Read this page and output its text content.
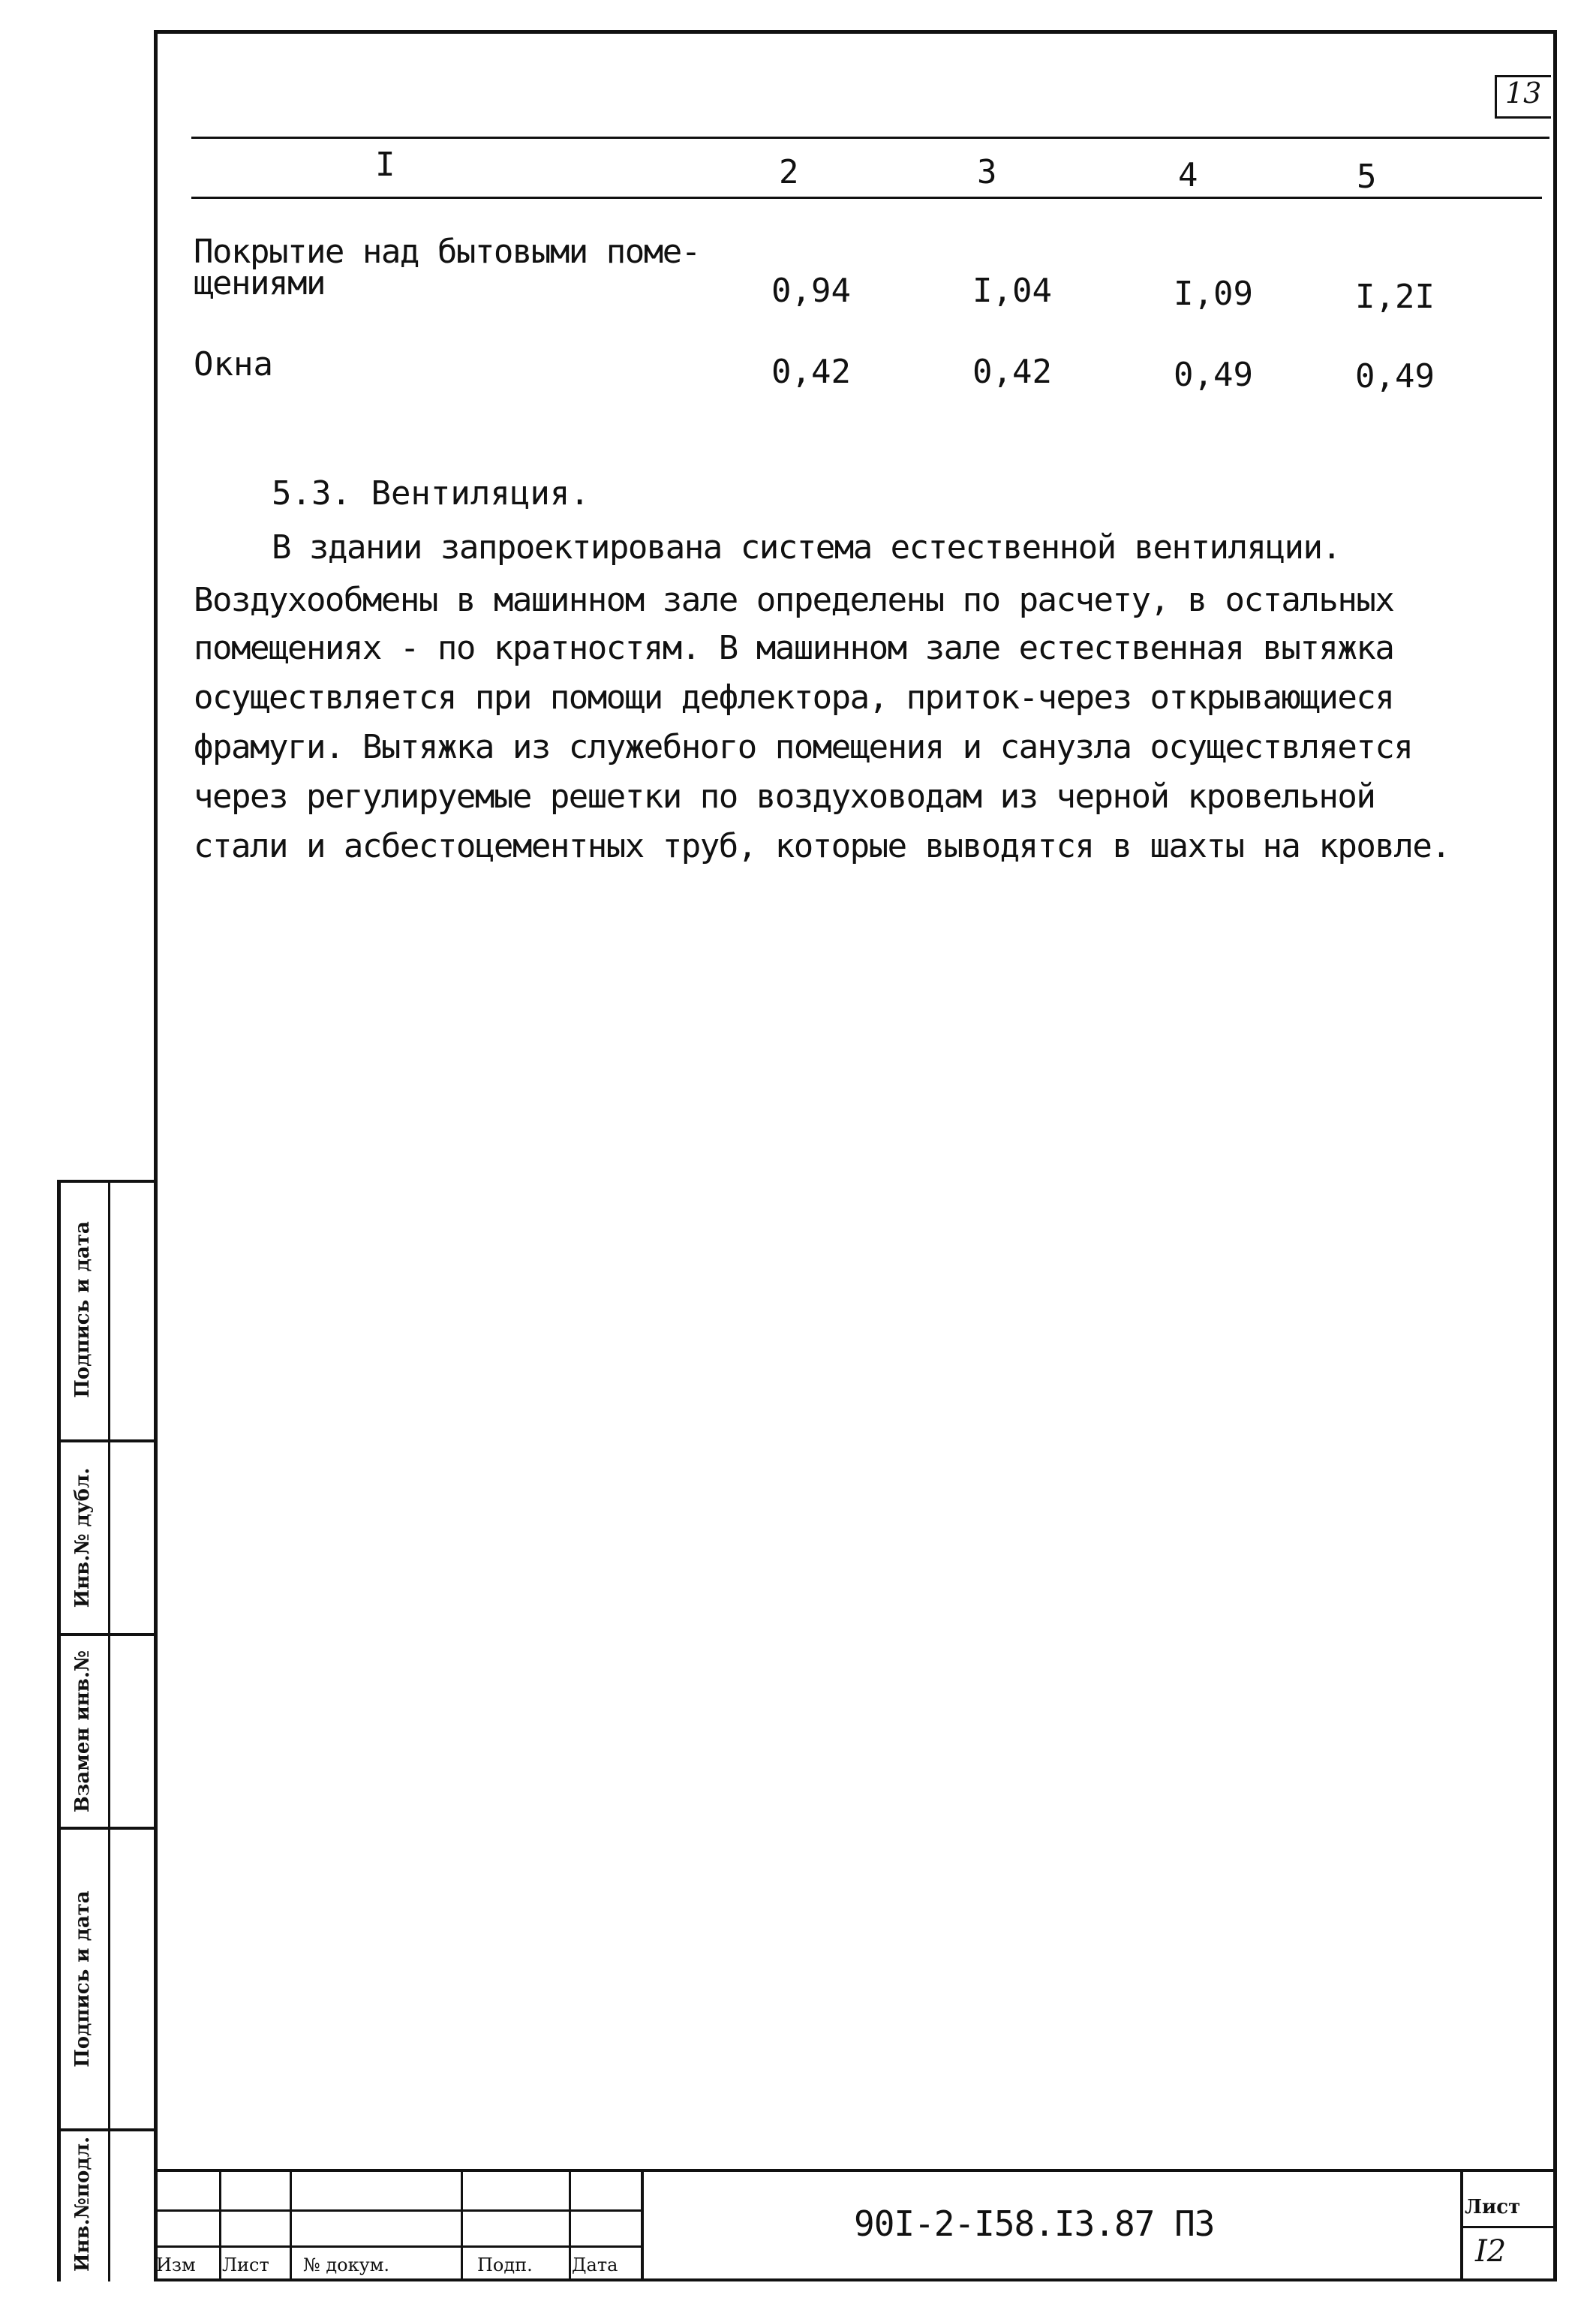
13
I	2	3	4	5
Покрытие над бытовыми поме-
щениями	0,94	I,04	I,09	I,2I
Окна	0,42	0,42	0,49	0,49
5.3. Вентиляция.
В здании запроектирована система естественной вентиляции.
Воздухообмены в машинном зале определены по расчету, в остальных
помещениях - по кратностям. В машинном зале естественная вытяжка
осуществляется при помощи дефлектора, приток-через открывающиеся
фрамуги. Вытяжка из служебного помещения и санузла осуществляется
через регулируемые решетки по воздуховодам из черной кровельной
стали и асбестоцементных труб, которые выводятся в шахты на кровле.
Подпись и дата
Инв.№ дубл.
Взамен инв.№
Подпись и дата
Инв.№подл.	Изм Лист № докум.	Подп. Дата
90I-2-I58.I3.87 ПЗ	Лист
I2
